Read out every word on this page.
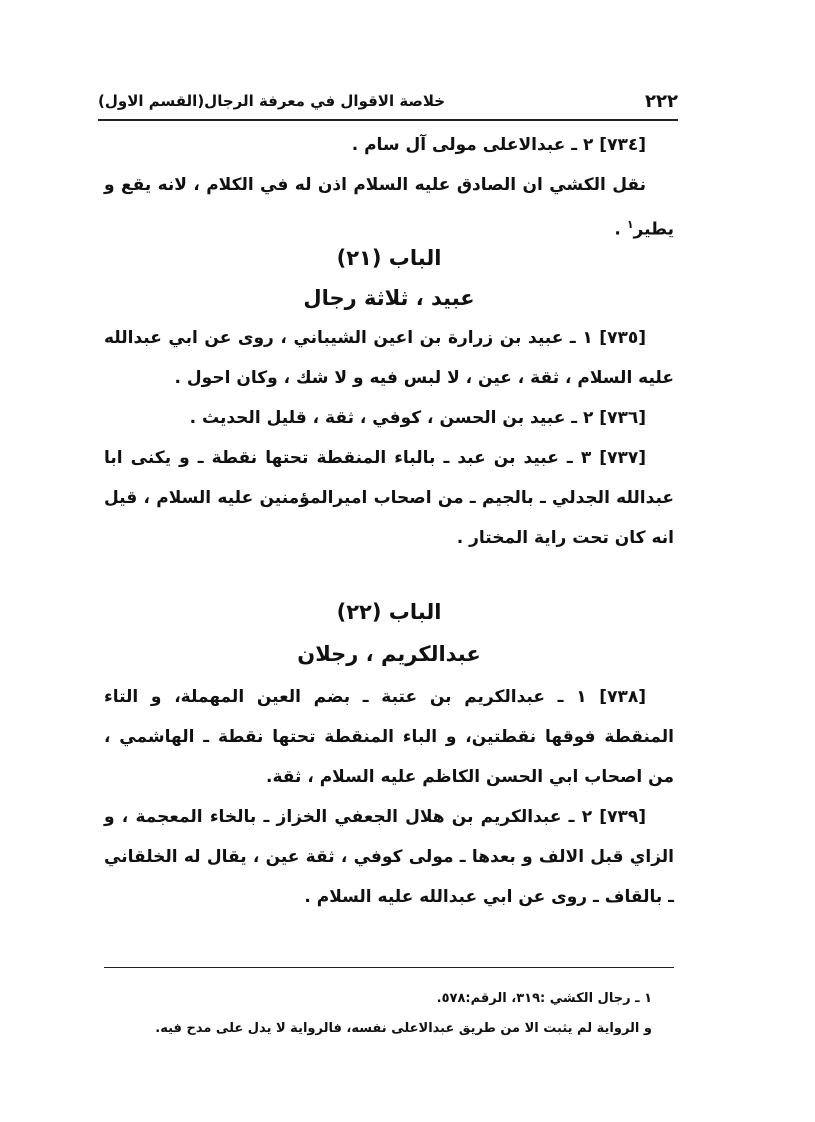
٢٢٢
خلاصة الاقوال في معرفة الرجال(القسم الاول)

[٧٣٤] ٢ ـ عبدالاعلى مولى آل سام .

نقل الكشي ان الصادق عليه السلام اذن له في الكلام ، لانه يقع و يطير$^١$ .

الباب (٢١)
عبيد ، ثلاثة رجال

[٧٣٥] ١ ـ عبيد بن زرارة بن اعين الشيباني ، روى عن ابي عبدالله عليه السلام ، ثقة ، عين ، لا لبس فيه و لا شك ، وكان احول .

[٧٣٦] ٢ ـ عبيد بن الحسن ، كوفي ، ثقة ، قليل الحديث .

[٧٣٧] ٣ ـ عبيد بن عبد ـ بالباء المنقطة تحتها نقطة ـ و يكنى ابا عبدالله الجدلي ـ بالجيم ـ من اصحاب اميرالمؤمنين عليه السلام ، قيل انه كان تحت راية المختار .

الباب (٢٢)
عبدالكريم ، رجلان

[٧٣٨] ١ ـ عبدالكريم بن عتبة ـ بضم العين المهملة، و التاء المنقطة فوقها نقطتين، و الباء المنقطة تحتها نقطة ـ الهاشمي ، من اصحاب ابي الحسن الكاظم عليه السلام ، ثقة.

[٧٣٩] ٢ ـ عبدالكريم بن هلال الجعفي الخزاز ـ بالخاء المعجمة ، و الزاي قبل الالف و بعدها ـ مولى كوفي ، ثقة عين ، يقال له الخلقاني ـ بالقاف ـ روى عن ابي عبدالله عليه السلام .

١ ـ رجال الكشي :٣١٩، الرقم:٥٧٨.

و الرواية لم يثبت الا من طريق عبدالاعلى نفسه، فالرواية لا يدل على مدح فيه.
